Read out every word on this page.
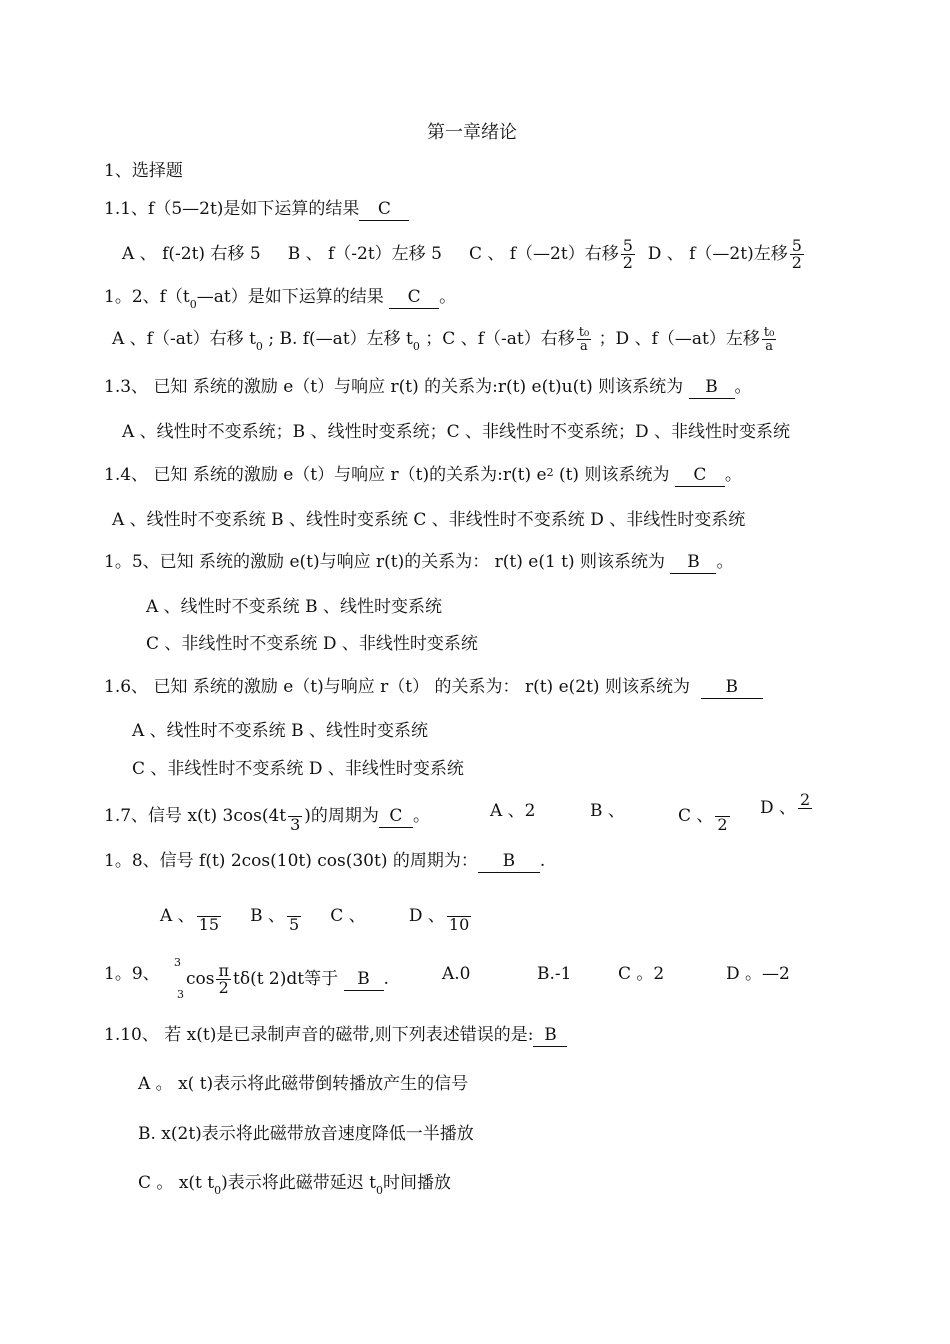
第一章绪论
1、选择题
1.1、f（5—2t)是如下运算的结果 C
A 、 f(-2t) 右移 5 B 、 f（-2t）左移 5 C 、 f（—2t）右移 $\frac{5}{2}$ D 、 f（—2t)左移 $\frac{5}{2}$
1。2、$f(t_0—at)$是如下运算的结果 C 。
A 、f（-at）右移 $t_0$ ; B. f(—at）左移 $t_0$ ；C 、f（-at）右移 $\frac{\text{t₀}}{a}$ ；D 、f（—at）左移 $\frac{\text{t₀}}{a}$
1.3、 已知 系统的激励 e（t）与响应 r(t) 的关系为:r(t) e(t)u(t) 则该系统为 B 。
A 、线性时不变系统；B 、线性时变系统；C 、非线性时不变系统；D 、非线性时变系统
1.4、 已知 系统的激励 e（t）与响应 r（t)的关系为:r(t) $e^2$ (t) 则该系统为 C 。
A 、线性时不变系统 B 、线性时变系统 C 、非线性时不变系统 D 、非线性时变系统
1。5、已知 系统的激励 e(t)与响应 r(t)的关系为： r(t) e(1 t) 则该系统为 B 。
A 、线性时不变系统 B 、线性时变系统
C 、非线性时不变系统 D 、非线性时变系统
1.6、 已知 系统的激励 e（t)与响应 r（t） 的关系为： r(t) e(2t) 则该系统为 B
A 、线性时不变系统 B 、线性时变系统
C 、非线性时不变系统 D 、非线性时变系统
1.7、信号 x(t) 3cos(4t
3 )的周期为 C 。	A 、2	B 、	C 、
2
D 、 2

1。8、信号 f(t) 2cos(10t) cos(30t) 的周期为： B .
A 、
15 B 、
5 C 、	D 、
10
1。9、
3
3
$\cos \frac{\pi}{2} t\delta(t$ 2)dt等于 B .	A.0	B.-1	C 。2	D 。—2
1.10、 若 x(t)是已录制声音的磁带,则下列表述错误的是: B
A 。 x( t)表示将此磁带倒转播放产生的信号
B. x(2t)表示将此磁带放音速度降低一半播放
C 。 x(t $t_0$)表示将此磁带延迟 $t_0$时间播放
